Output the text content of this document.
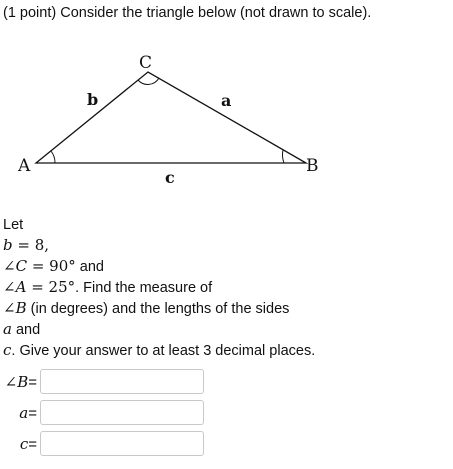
(1 point) Consider the triangle below (not drawn to scale).
A
C
B
b	a
c
Let
b = 8,
∠C = 90° and
∠A = 25°. Find the measure of
∠B (in degrees) and the lengths of the sides
a and
c. Give your answer to at least 3 decimal places.
∠B=
a=
c=
